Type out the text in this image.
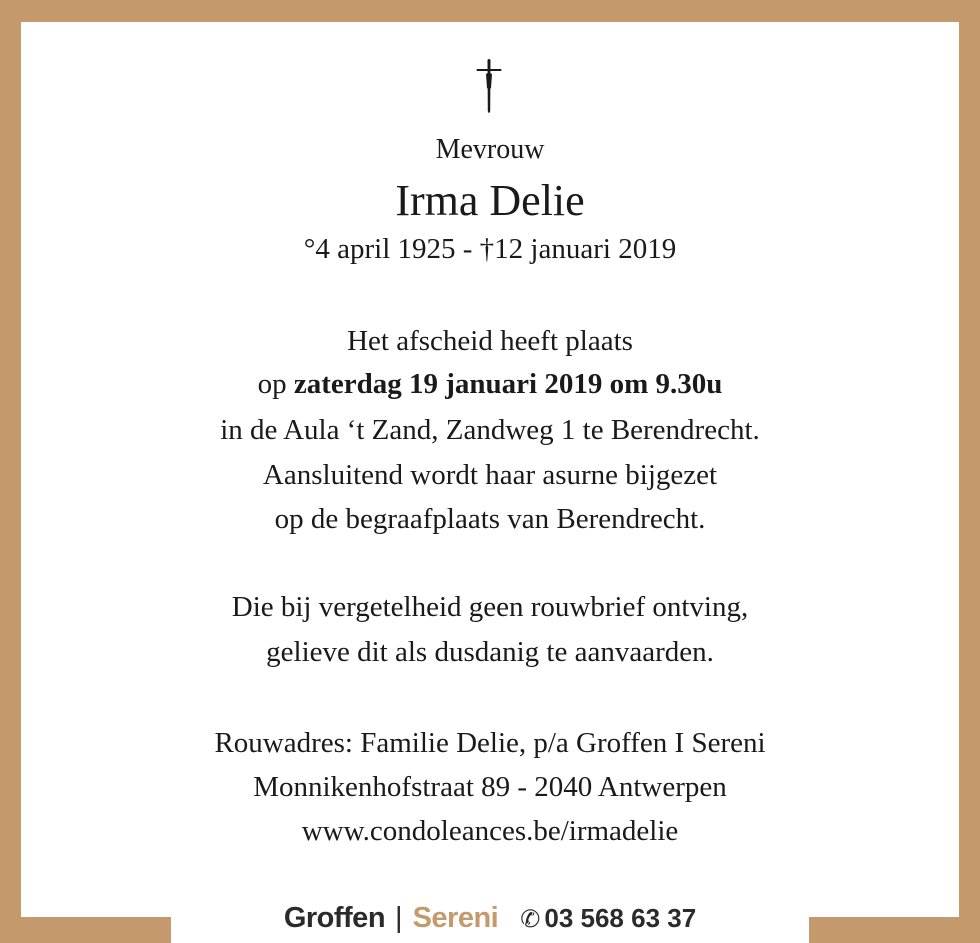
Mevrouw
Irma Delie
°4 april 1925 - †12 januari 2019
Het afscheid heeft plaats
op zaterdag 19 januari 2019 om 9.30u
in de Aula ‘t Zand, Zandweg 1 te Berendrecht.
Aansluitend wordt haar asurne bijgezet
op de begraafplaats van Berendrecht.
Die bij vergetelheid geen rouwbrief ontving,
gelieve dit als dusdanig te aanvaarden.
Rouwadres: Familie Delie, p/a Groffen I Sereni
Monnikenhofstraat 89 - 2040 Antwerpen
www.condoleances.be/irmadelie
Groffen | Sereni ✆ 03 568 63 37
